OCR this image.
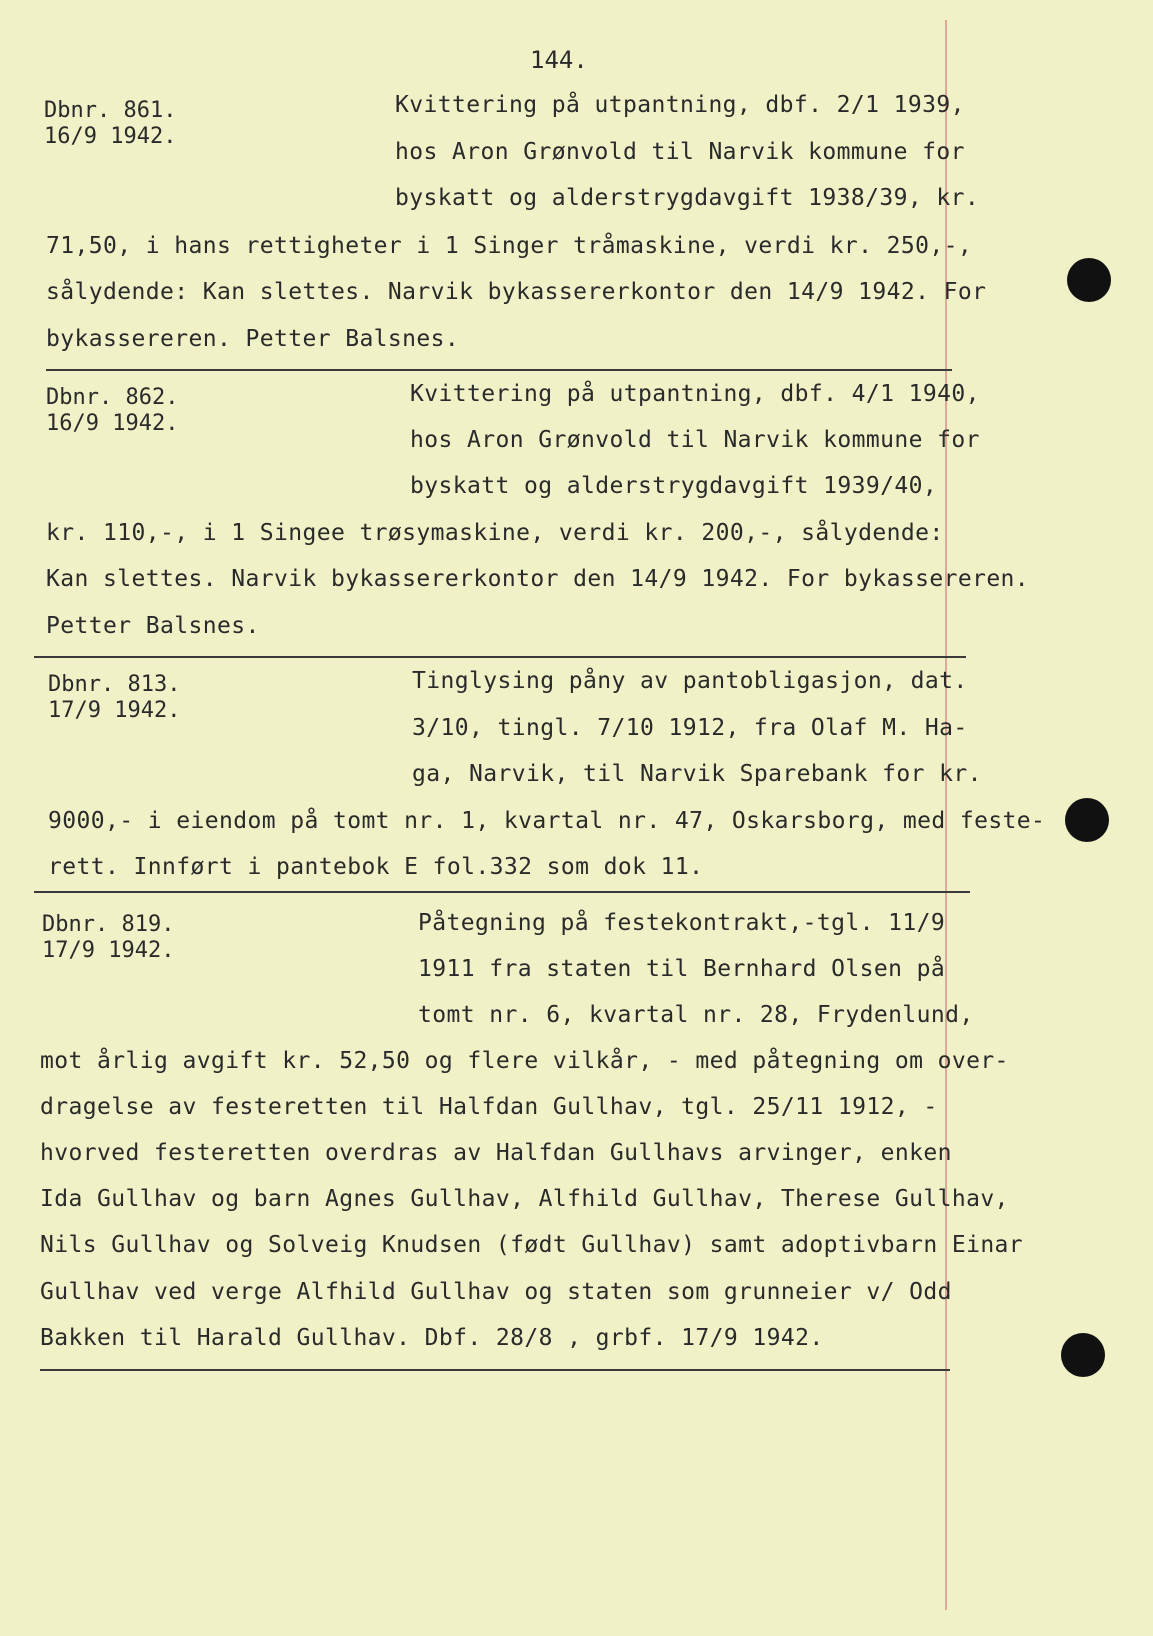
144.
Dbnr. 861.
16/9 1942.
Kvittering på utpantning, dbf. 2/1 1939,
hos Aron Grønvold til Narvik kommune for
byskatt og alderstrygdavgift 1938/39, kr.
71,50, i hans rettigheter i 1 Singer tråmaskine, verdi kr. 250,-,
sålydende: Kan slettes. Narvik bykassererkontor den 14/9 1942. For
bykassereren. Petter Balsnes.
Dbnr. 862.
16/9 1942.
Kvittering på utpantning, dbf. 4/1 1940,
hos Aron Grønvold til Narvik kommune for
byskatt og alderstrygdavgift 1939/40,
kr. 110,-, i 1 Singee trøsymaskine, verdi kr. 200,-, sålydende:
Kan slettes. Narvik bykassererkontor den 14/9 1942. For bykassereren.
Petter Balsnes.
Dbnr. 813.
17/9 1942.
Tinglysing påny av pantobligasjon, dat.
3/10, tingl. 7/10 1912, fra Olaf M. Ha-
ga, Narvik, til Narvik Sparebank for kr.
9000,- i eiendom på tomt nr. 1, kvartal nr. 47, Oskarsborg, med feste-
rett. Innført i pantebok E fol.332 som dok 11.
Dbnr. 819.
17/9 1942.
Påtegning på festekontrakt,-tgl. 11/9
1911 fra staten til Bernhard Olsen på
tomt nr. 6, kvartal nr. 28, Frydenlund,
mot årlig avgift kr. 52,50 og flere vilkår, - med påtegning om over-
dragelse av festeretten til Halfdan Gullhav, tgl. 25/11 1912, -
hvorved festeretten overdras av Halfdan Gullhavs arvinger, enken
Ida Gullhav og barn Agnes Gullhav, Alfhild Gullhav, Therese Gullhav,
Nils Gullhav og Solveig Knudsen (født Gullhav) samt adoptivbarn Einar
Gullhav ved verge Alfhild Gullhav og staten som grunneier v/ Odd
Bakken til Harald Gullhav. Dbf. 28/8 , grbf. 17/9 1942.
